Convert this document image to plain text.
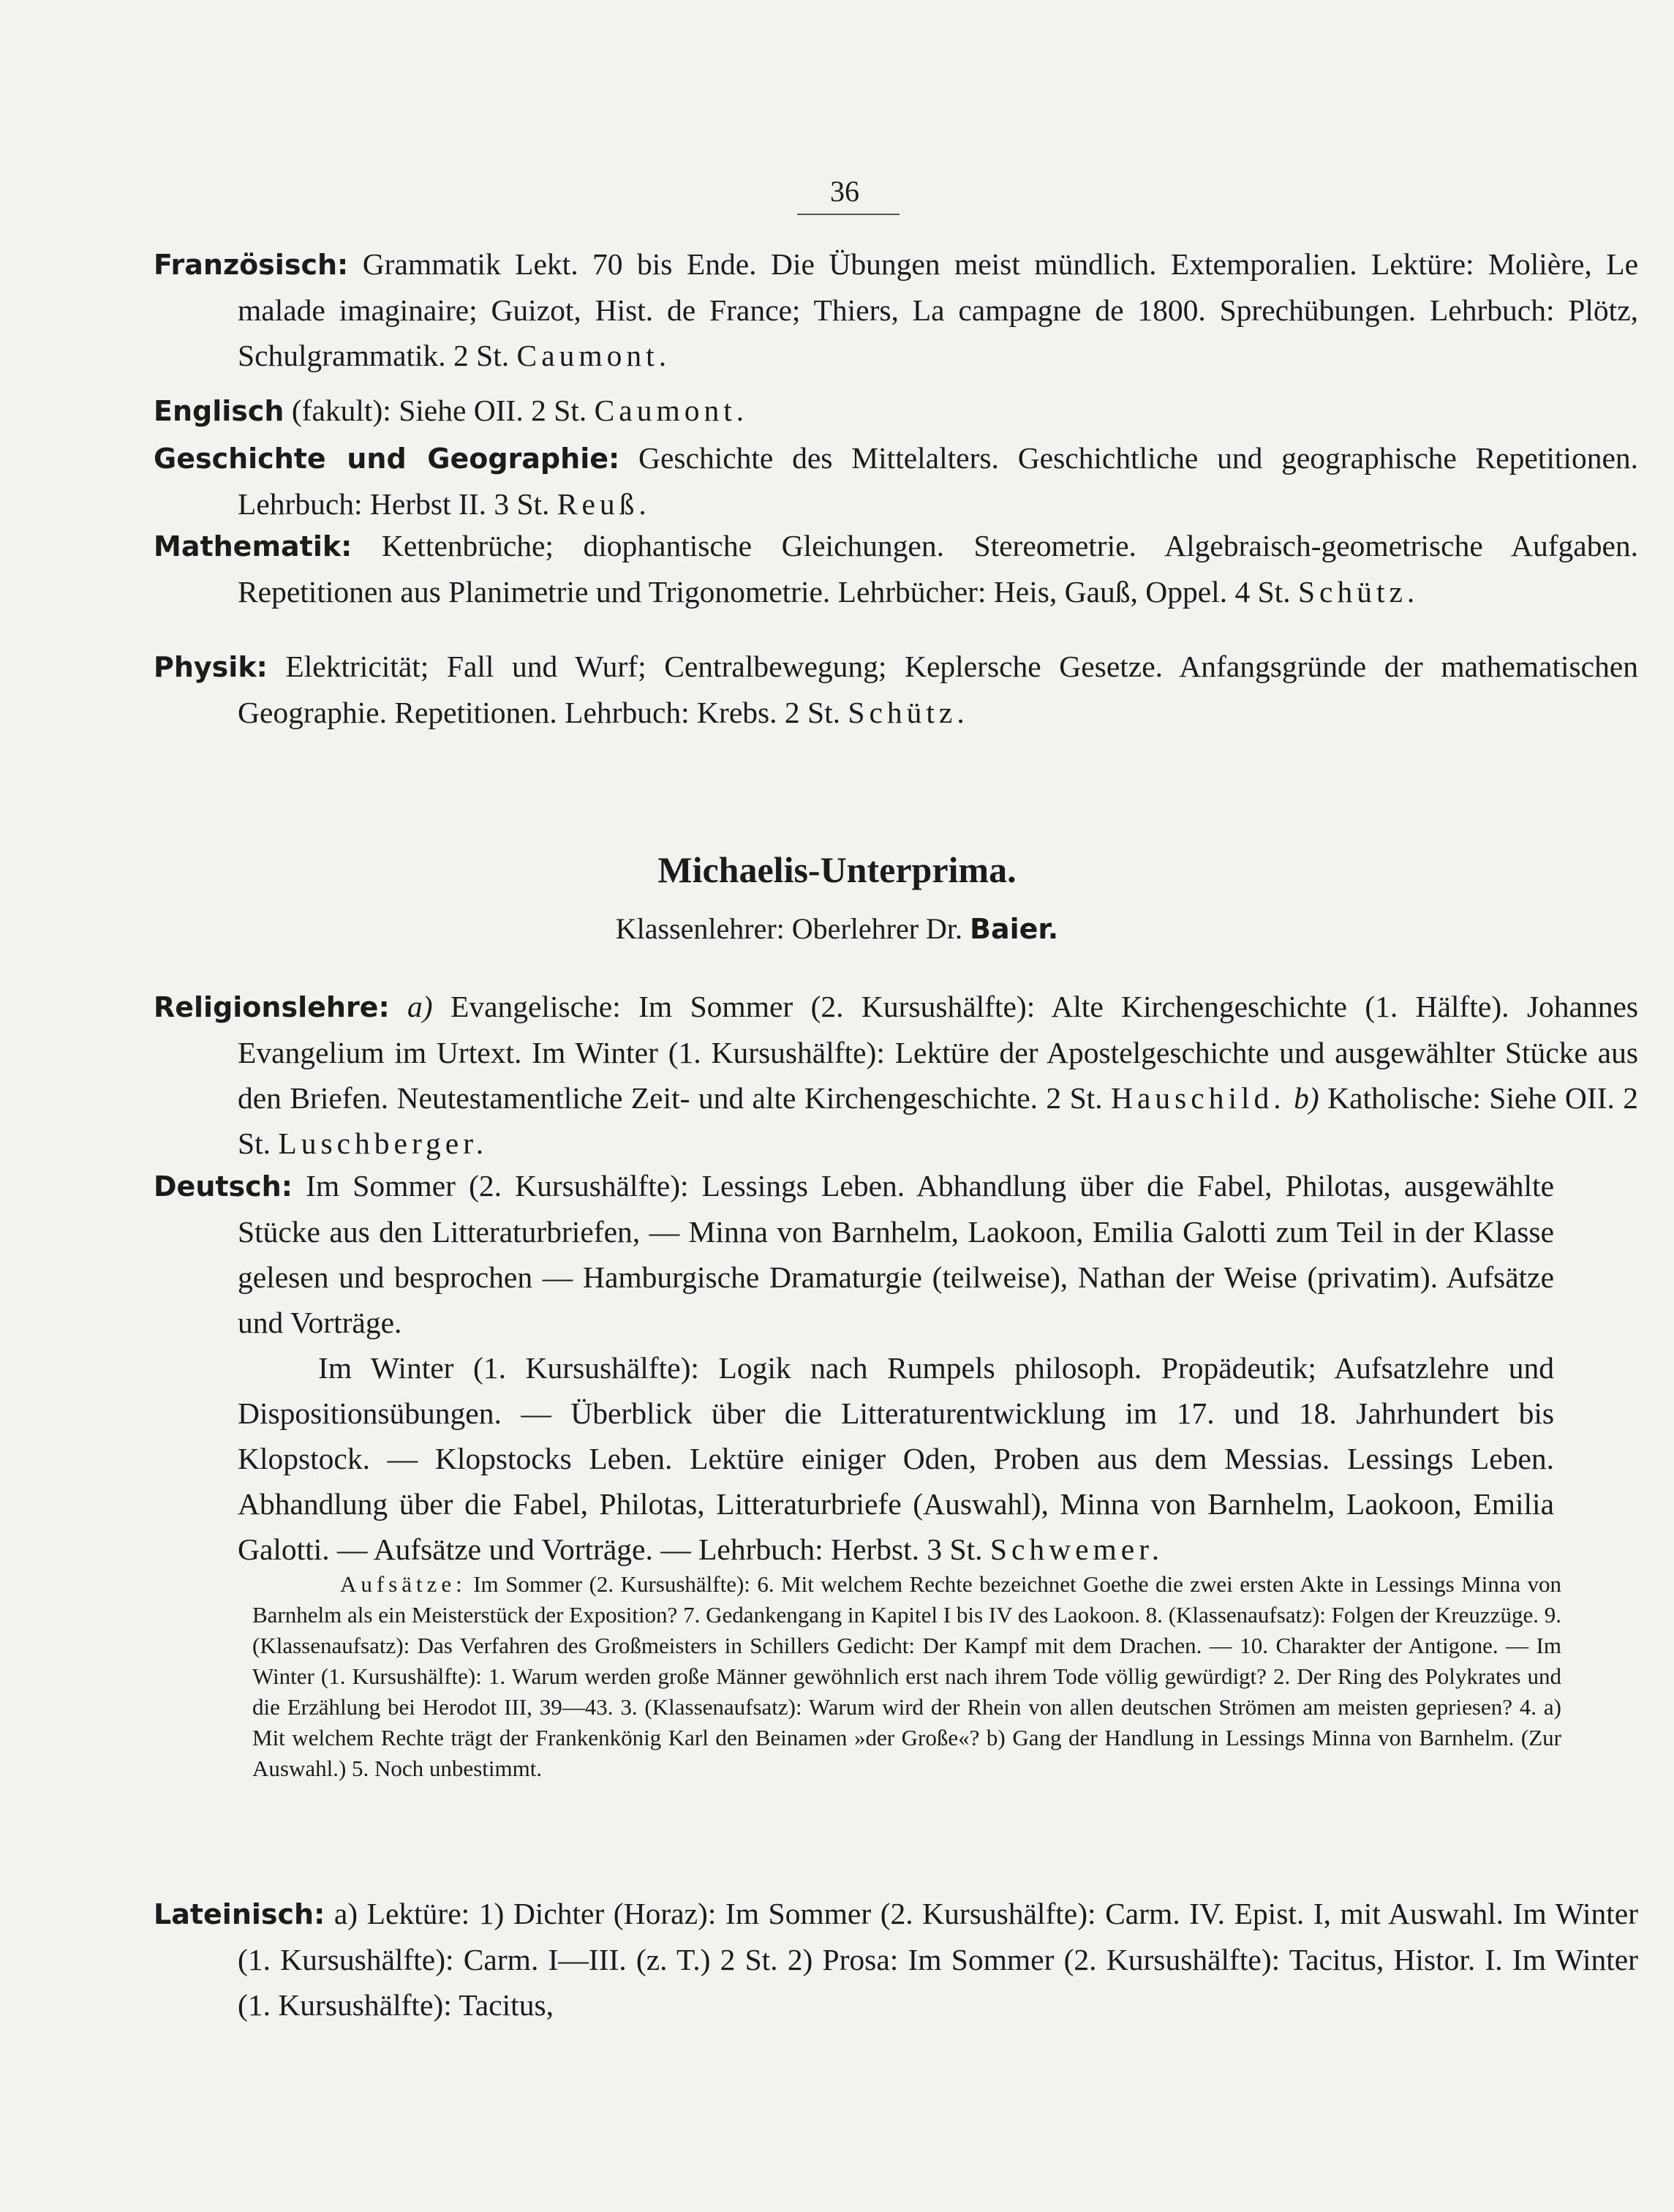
36
Französisch: Grammatik Lekt. 70 bis Ende. Die Übungen meist mündlich. Extemporalien. Lektüre: Molière, Le malade imaginaire; Guizot, Hist. de France; Thiers, La campagne de 1800. Sprechübungen. Lehrbuch: Plötz, Schulgrammatik. 2 St. Caumont.
Englisch (fakult): Siehe OII. 2 St. Caumont.
Geschichte und Geographie: Geschichte des Mittelalters. Geschichtliche und geographische Repetitionen. Lehrbuch: Herbst II. 3 St. Reuß.
Mathematik: Kettenbrüche; diophantische Gleichungen. Stereometrie. Algebraisch-geometrische Aufgaben. Repetitionen aus Planimetrie und Trigonometrie. Lehrbücher: Heis, Gauß, Oppel. 4 St. Schütz.
Physik: Elektricität; Fall und Wurf; Centralbewegung; Keplersche Gesetze. Anfangsgründe der mathematischen Geographie. Repetitionen. Lehrbuch: Krebs. 2 St. Schütz.
Michaelis-Unterprima.
Klassenlehrer: Oberlehrer Dr. Baier.
Religionslehre: a) Evangelische: Im Sommer (2. Kursushälfte): Alte Kirchengeschichte (1. Hälfte). Johannes Evangelium im Urtext. Im Winter (1. Kursushälfte): Lektüre der Apostelgeschichte und ausgewählter Stücke aus den Briefen. Neutestamentliche Zeit- und alte Kirchengeschichte. 2 St. Hauschild. b) Katholische: Siehe OII. 2 St. Luschberger.
Deutsch: Im Sommer (2. Kursushälfte): Lessings Leben. Abhandlung über die Fabel, Philotas, ausgewählte Stücke aus den Litteraturbriefen, — Minna von Barnhelm, Laokoon, Emilia Galotti zum Teil in der Klasse gelesen und besprochen — Hamburgische Dramaturgie (teilweise), Nathan der Weise (privatim). Aufsätze und Vorträge.
Im Winter (1. Kursushälfte): Logik nach Rumpels philosoph. Propädeutik; Aufsatzlehre und Dispositionsübungen. — Überblick über die Litteraturentwicklung im 17. und 18. Jahrhundert bis Klopstock. — Klopstocks Leben. Lektüre einiger Oden, Proben aus dem Messias. Lessings Leben. Abhandlung über die Fabel, Philotas, Litteraturbriefe (Auswahl), Minna von Barnhelm, Laokoon, Emilia Galotti. — Aufsätze und Vorträge. — Lehrbuch: Herbst. 3 St. Schwemer.
Aufsätze: Im Sommer (2. Kursushälfte): 6. Mit welchem Rechte bezeichnet Goethe die zwei ersten Akte in Lessings Minna von Barnhelm als ein Meisterstück der Exposition? 7. Gedankengang in Kapitel I bis IV des Laokoon. 8. (Klassenaufsatz): Folgen der Kreuzzüge. 9. (Klassenaufsatz): Das Verfahren des Großmeisters in Schillers Gedicht: Der Kampf mit dem Drachen. — 10. Charakter der Antigone. — Im Winter (1. Kursushälfte): 1. Warum werden große Männer gewöhnlich erst nach ihrem Tode völlig gewürdigt? 2. Der Ring des Polykrates und die Erzählung bei Herodot III, 39—43. 3. (Klassenaufsatz): Warum wird der Rhein von allen deutschen Strömen am meisten gepriesen? 4. a) Mit welchem Rechte trägt der Frankenkönig Karl den Beinamen »der Große«? b) Gang der Handlung in Lessings Minna von Barnhelm. (Zur Auswahl.) 5. Noch unbestimmt.
Lateinisch: a) Lektüre: 1) Dichter (Horaz): Im Sommer (2. Kursushälfte): Carm. IV. Epist. I, mit Auswahl. Im Winter (1. Kursushälfte): Carm. I—III. (z. T.) 2 St. 2) Prosa: Im Sommer (2. Kursushälfte): Tacitus, Histor. I. Im Winter (1. Kursushälfte): Tacitus,
